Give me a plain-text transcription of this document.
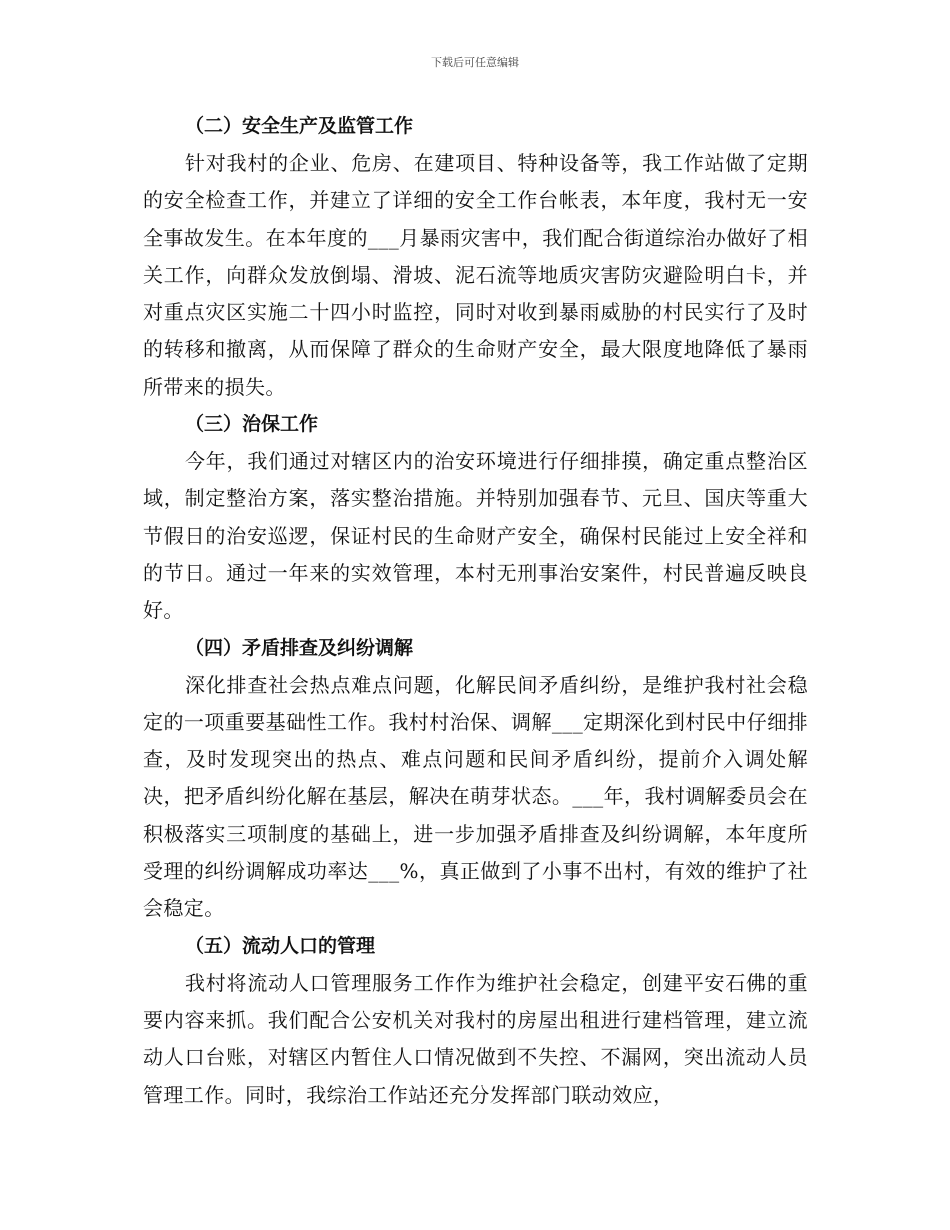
下载后可任意编辑
（二）安全生产及监管工作

针对我村的企业、危房、在建项目、特种设备等，我工作站做了定期的安全检查工作，并建立了详细的安全工作台帐表，本年度，我村无一安全事故发生。在本年度的___月暴雨灾害中，我们配合街道综治办做好了相关工作，向群众发放倒塌、滑坡、泥石流等地质灾害防灾避险明白卡，并对重点灾区实施二十四小时监控，同时对收到暴雨威胁的村民实行了及时的转移和撤离，从而保障了群众的生命财产安全，最大限度地降低了暴雨所带来的损失。

（三）治保工作

今年，我们通过对辖区内的治安环境进行仔细排摸，确定重点整治区域，制定整治方案，落实整治措施。并特别加强春节、元旦、国庆等重大节假日的治安巡逻，保证村民的生命财产安全，确保村民能过上安全祥和的节日。通过一年来的实效管理，本村无刑事治安案件，村民普遍反映良好。

（四）矛盾排查及纠纷调解

深化排查社会热点难点问题，化解民间矛盾纠纷，是维护我村社会稳定的一项重要基础性工作。我村村治保、调解___定期深化到村民中仔细排查，及时发现突出的热点、难点问题和民间矛盾纠纷，提前介入调处解决，把矛盾纠纷化解在基层，解决在萌芽状态。___年，我村调解委员会在积极落实三项制度的基础上，进一步加强矛盾排查及纠纷调解，本年度所受理的纠纷调解成功率达___%，真正做到了小事不出村，有效的维护了社会稳定。

（五）流动人口的管理

我村将流动人口管理服务工作作为维护社会稳定，创建平安石佛的重要内容来抓。我们配合公安机关对我村的房屋出租进行建档管理，建立流动人口台账，对辖区内暂住人口情况做到不失控、不漏网，突出流动人员管理工作。同时，我综治工作站还充分发挥部门联动效应，
